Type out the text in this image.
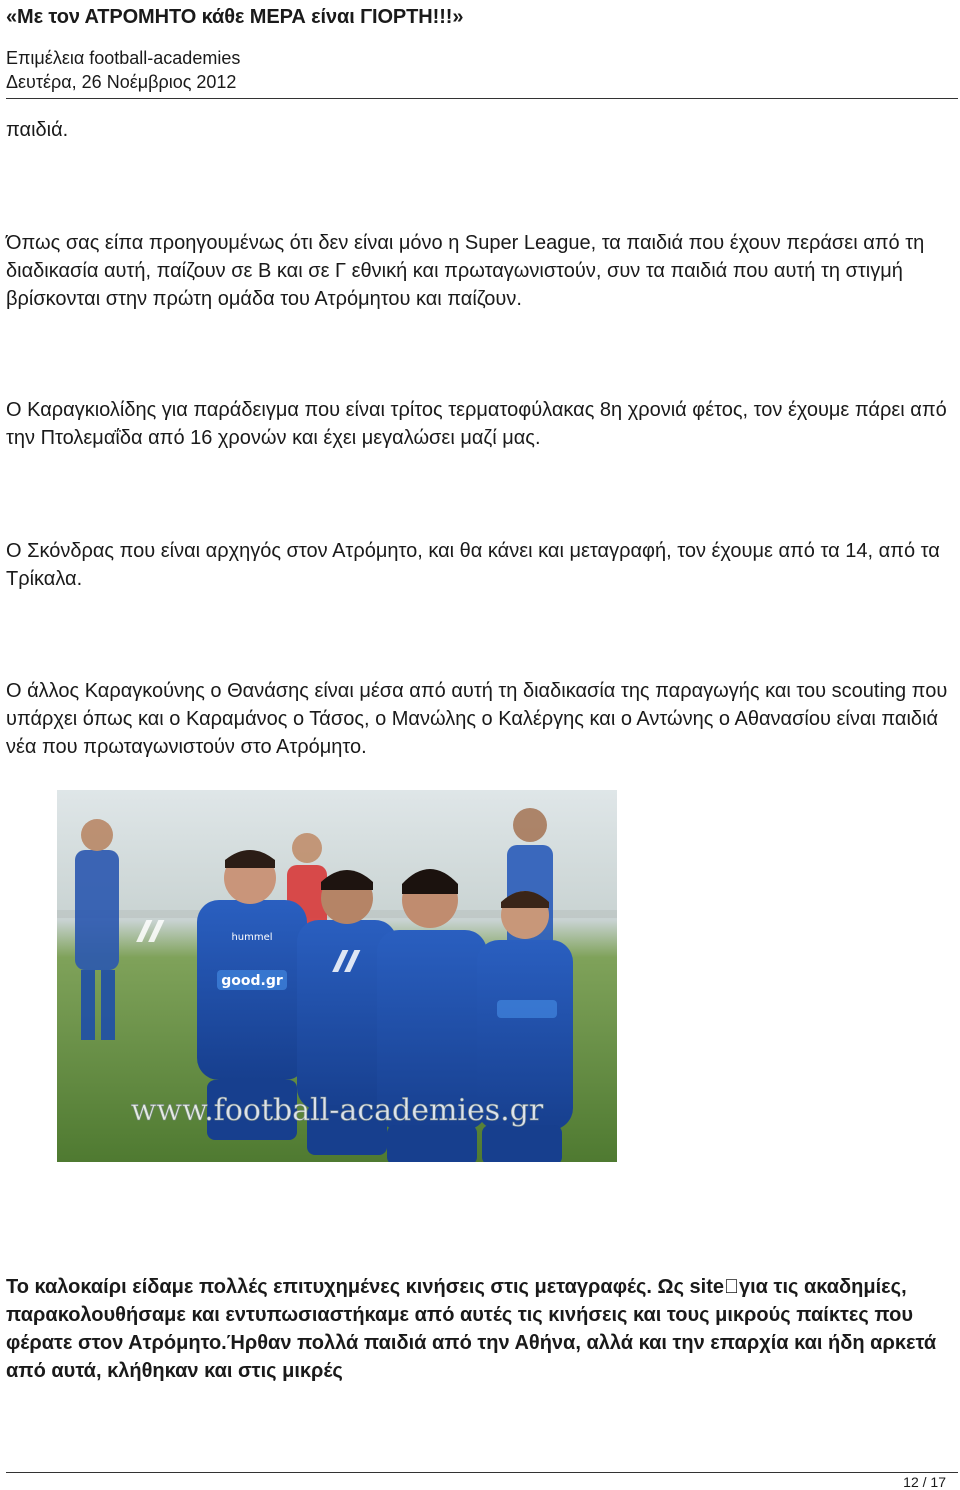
«Με τον ΑΤΡΟΜΗΤΟ κάθε ΜΕΡΑ είναι ΓΙΟΡΤΗ!!!»
Επιμέλεια football-academies
Δευτέρα, 26 Νοέμβριος 2012

παιδιά.

Όπως σας είπα προηγουμένως ότι δεν είναι μόνο η Super League, τα παιδιά που έχουν περάσει από τη διαδικασία αυτή, παίζουν σε Β και σε Γ εθνική και πρωταγωνιστούν, συν τα παιδιά που αυτή τη στιγμή βρίσκονται στην πρώτη ομάδα του Ατρόμητου και παίζουν.

Ο Καραγκιολίδης για παράδειγμα που είναι τρίτος τερματοφύλακας 8η χρονιά φέτος, τον έχουμε πάρει από την Πτολεμαΐδα από 16 χρονών και έχει μεγαλώσει μαζί μας.

Ο Σκόνδρας που είναι αρχηγός στον Ατρόμητο, και θα κάνει και μεταγραφή, τον έχουμε από τα 14, από τα Τρίκαλα.

Ο άλλος Καραγκούνης ο Θανάσης είναι μέσα από αυτή τη διαδικασία της παραγωγής και του scouting που υπάρχει όπως και ο Καραμάνος ο Τάσος, ο Μανώλης ο Καλέργης και ο Αντώνης ο Αθανασίου είναι παιδιά νέα που πρωταγωνιστούν στο Ατρόμητο.

good.gr
hummel
www.football-academies.gr

Το καλοκαίρι είδαμε πολλές επιτυχημένες κινήσεις στις μεταγραφές. Ως site για τις ακαδημίες, παρακολουθήσαμε και εντυπωσιαστήκαμε από αυτές τις κινήσεις και τους μικρούς παίκτες που φέρατε στον Ατρόμητο.Ήρθαν πολλά παιδιά από την Αθήνα, αλλά και την επαρχία και ήδη αρκετά από αυτά, κλήθηκαν και στις μικρές

12 / 17
